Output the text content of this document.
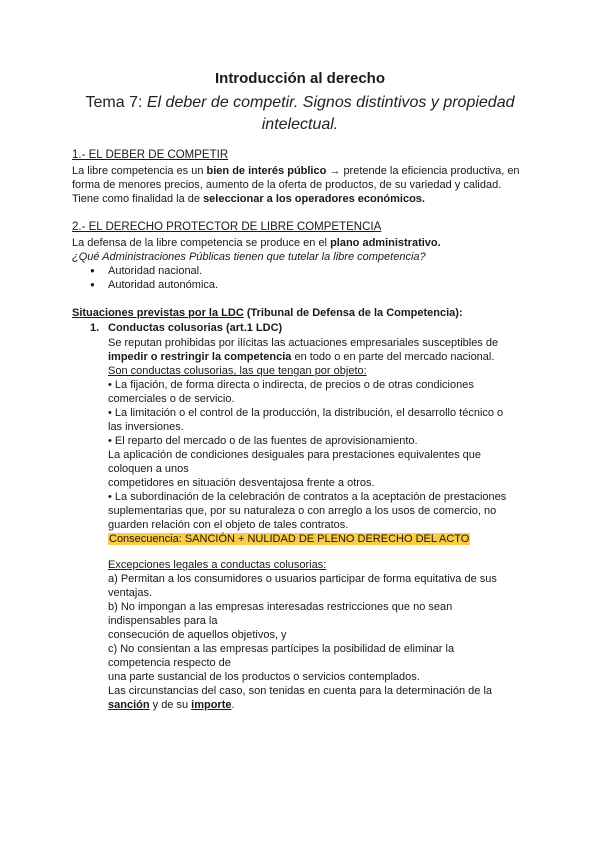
Introducción al derecho
Tema 7: El deber de competir. Signos distintivos y propiedad
intelectual.
1.- EL DEBER DE COMPETIR
La libre competencia es un bien de interés público → pretende la eficiencia productiva, en
forma de menores precios, aumento de la oferta de productos, de su variedad y calidad.
Tiene como finalidad la de seleccionar a los operadores económicos.
2.- EL DERECHO PROTECTOR DE LIBRE COMPETENCIA
La defensa de la libre competencia se produce en el plano administrativo.
¿Qué Administraciones Públicas tienen que tutelar la libre competencia?
● Autoridad nacional.
● Autoridad autonómica.
Situaciones previstas por la LDC (Tribunal de Defensa de la Competencia):
1. Conductas colusorias (art.1 LDC)
Se reputan prohibidas por ilícitas las actuaciones empresariales susceptibles de
impedir o restringir la competencia en todo o en parte del mercado nacional.
Son conductas colusorias, las que tengan por objeto:
• La fijación, de forma directa o indirecta, de precios o de otras condiciones
comerciales o de servicio.
• La limitación o el control de la producción, la distribución, el desarrollo técnico o
las inversiones.
• El reparto del mercado o de las fuentes de aprovisionamiento.
La aplicación de condiciones desiguales para prestaciones equivalentes que
coloquen a unos
competidores en situación desventajosa frente a otros.
• La subordinación de la celebración de contratos a la aceptación de prestaciones
suplementarias que, por su naturaleza o con arreglo a los usos de comercio, no
guarden relación con el objeto de tales contratos.
Consecuencia: SANCIÓN + NULIDAD DE PLENO DERECHO DEL ACTO
Excepciones legales a conductas colusorias:
a) Permitan a los consumidores o usuarios participar de forma equitativa de sus
ventajas.
b) No impongan a las empresas interesadas restricciones que no sean
indispensables para la
consecución de aquellos objetivos, y
c) No consientan a las empresas partícipes la posibilidad de eliminar la
competencia respecto de
una parte sustancial de los productos o servicios contemplados.
Las circunstancias del caso, son tenidas en cuenta para la determinación de la
sanción y de su importe.
